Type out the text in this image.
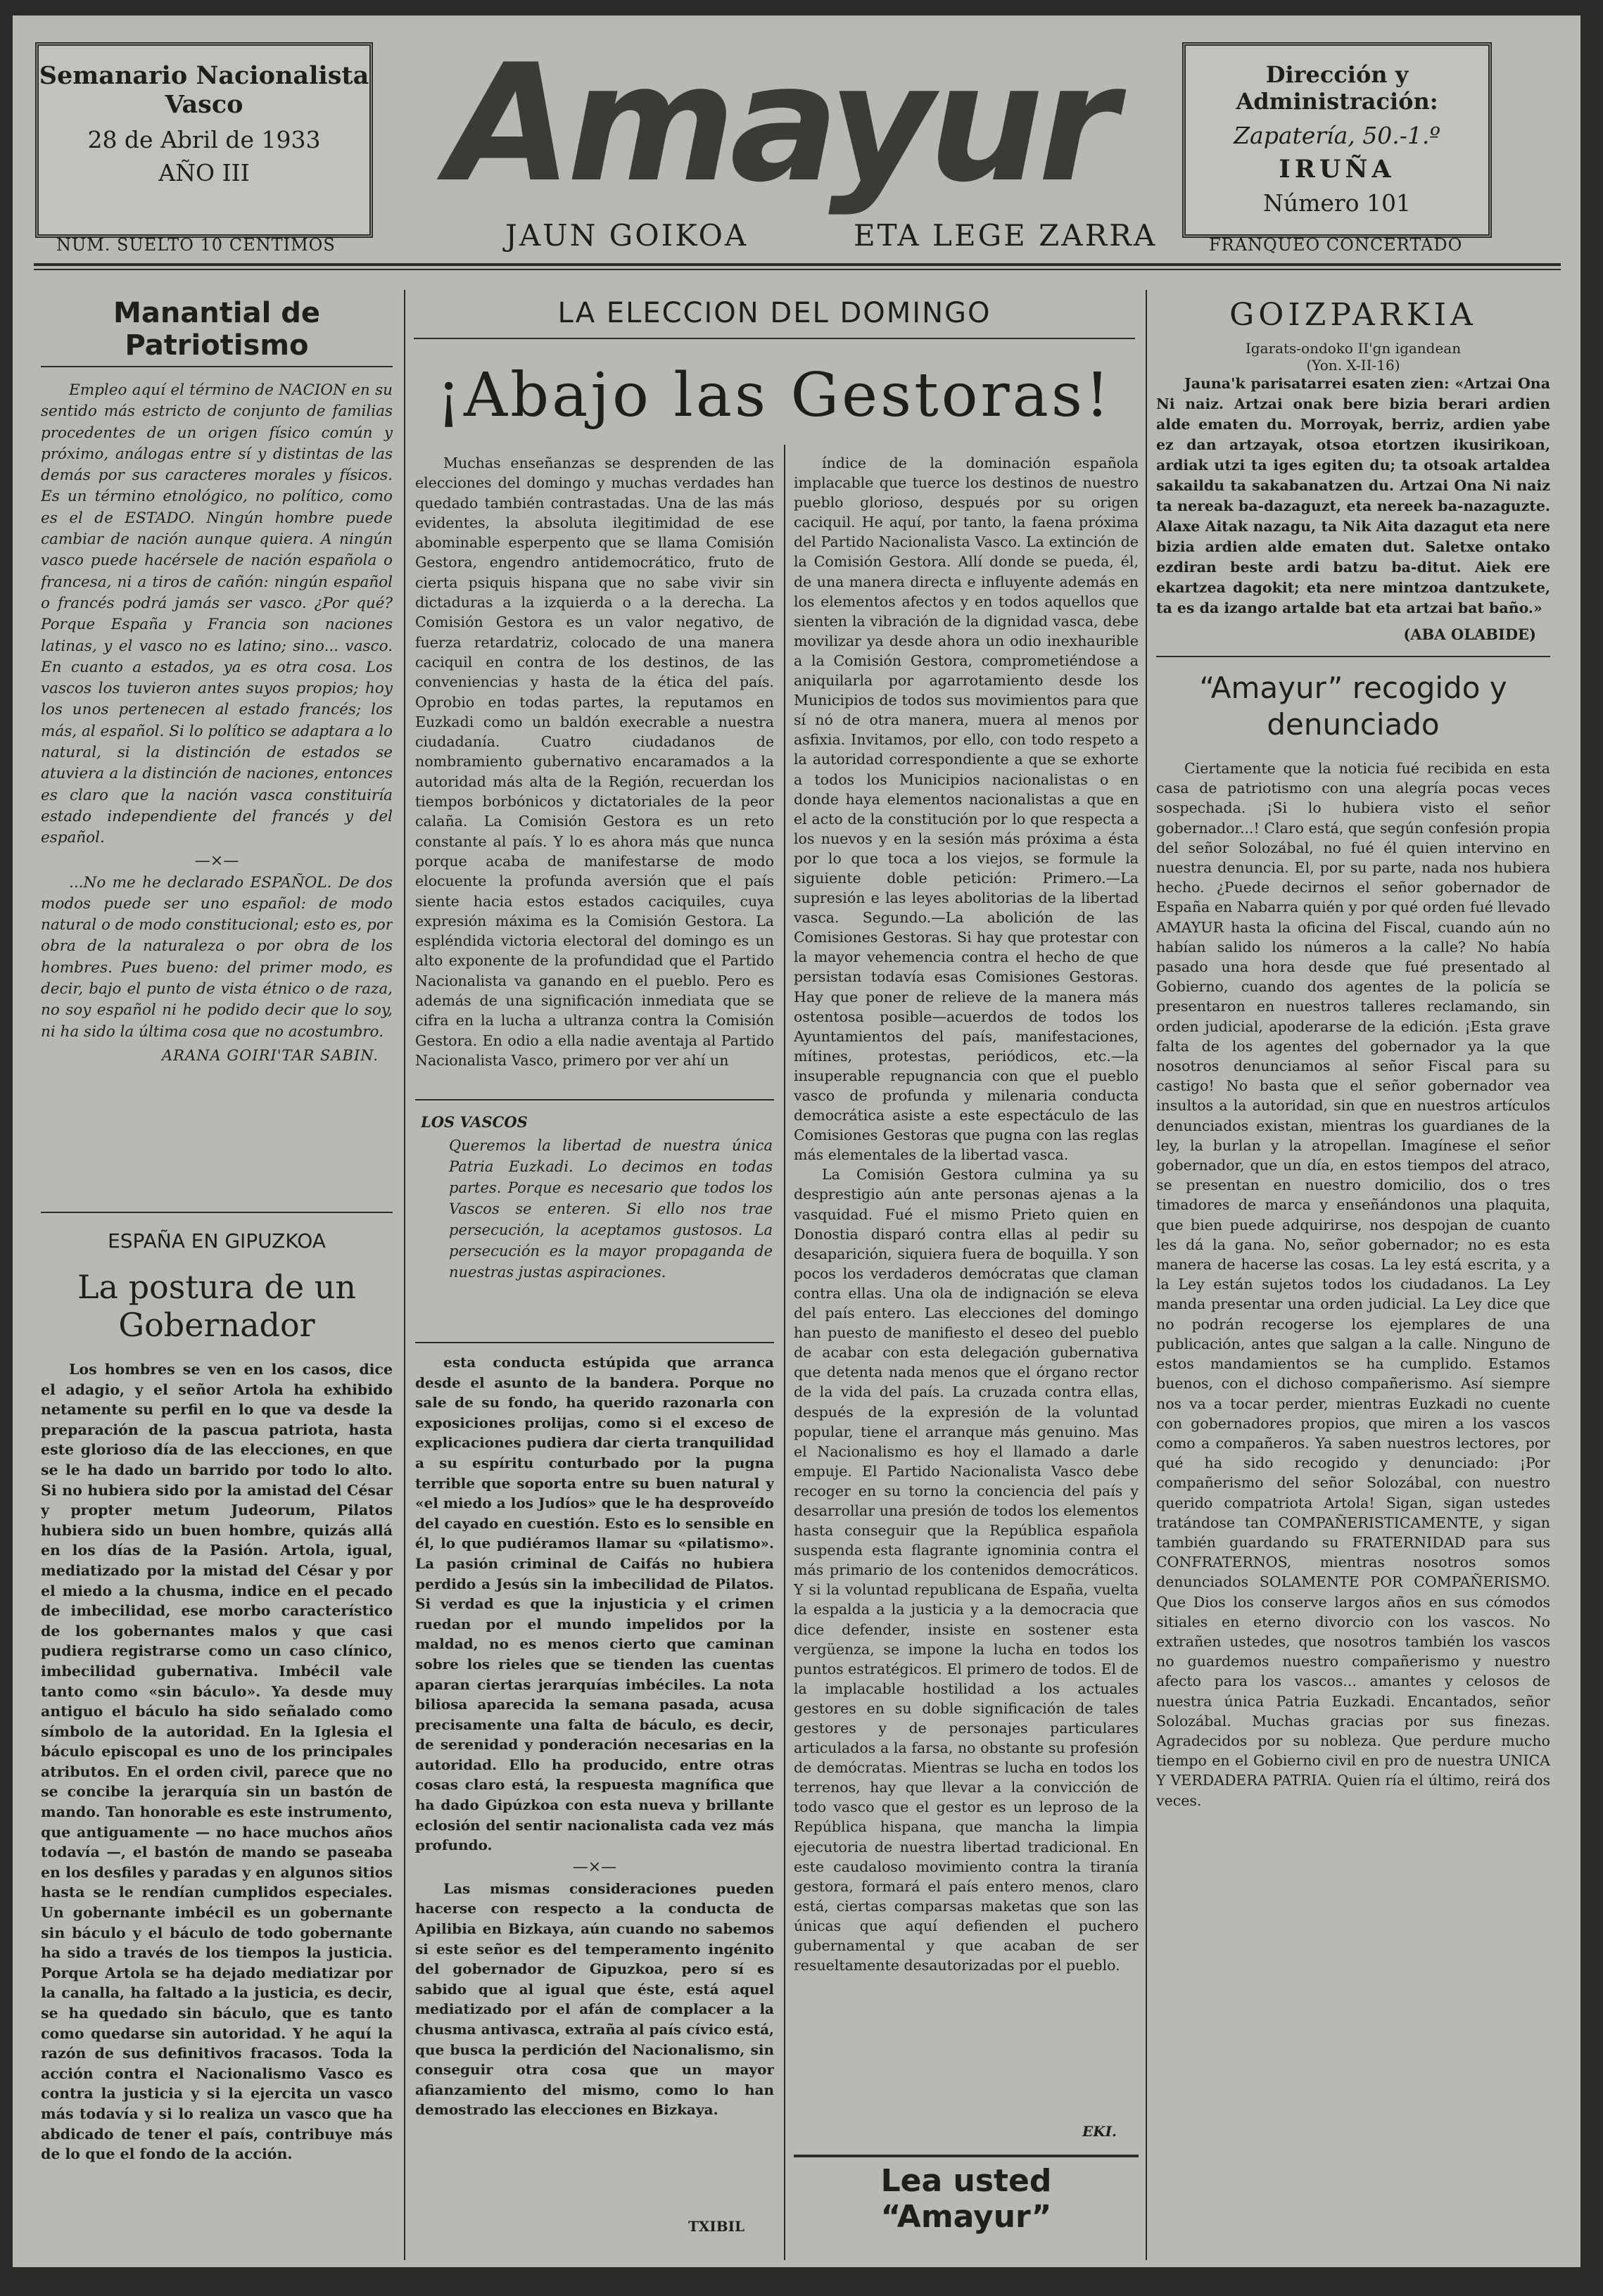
Semanario Nacionalista
Vasco
28 de Abril de 1933
AÑO III
NUM. SUELTO 10 CENTIMOS
Amayur
JAUN GOIKOA	ETA LEGE ZARRA
Dirección y Administración:
Zapatería, 50.-1.º
IRUÑA
Número 101
FRANQUEO CONCERTADO
Manantial de Patriotismo

Empleo aquí el término de NACION en su sentido más estricto de conjunto de familias procedentes de un origen físico común y próximo, análogas entre sí y distintas de las demás por sus caracteres morales y físicos. Es un término etnológico, no político, como es el de ESTADO. Ningún hombre puede cambiar de nación aunque quiera. A ningún vasco puede hacérsele de nación española o francesa, ni a tiros de cañón: ningún español o francés podrá jamás ser vasco. ¿Por qué? Porque España y Francia son naciones latinas, y el vasco no es latino; sino... vasco. En cuanto a estados, ya es otra cosa. Los vascos los tuvieron antes suyos propios; hoy los unos pertenecen al estado francés; los más, al español. Si lo político se adaptara a lo natural, si la distinción de estados se atuviera a la distinción de naciones, entonces es claro que la nación vasca constituiría estado independiente del francés y del español.

—×—

...No me he declarado ESPAÑOL. De dos modos puede ser uno español: de modo natural o de modo constitucional; esto es, por obra de la naturaleza o por obra de los hombres. Pues bueno: del primer modo, es decir, bajo el punto de vista étnico o de raza, no soy español ni he podido decir que lo soy, ni ha sido la última cosa que no acostumbro.

ARANA GOIRI'TAR SABIN.
ESPAÑA EN GIPUZKOA
La postura de un Gobernador

Los hombres se ven en los casos, dice el adagio, y el señor Artola ha exhibido netamente su perfil en lo que va desde la preparación de la pascua patriota, hasta este glorioso día de las elecciones, en que se le ha dado un barrido por todo lo alto. Si no hubiera sido por la amistad del César y propter metum Judeorum, Pilatos hubiera sido un buen hombre, quizás allá en los días de la Pasión. Artola, igual, mediatizado por la mistad del César y por el miedo a la chusma, indice en el pecado de imbecilidad, ese morbo característico de los gobernantes malos y que casi pudiera registrarse como un caso clínico, imbecilidad gubernativa. Imbécil vale tanto como «sin báculo». Ya desde muy antiguo el báculo ha sido señalado como símbolo de la autoridad. En la Iglesia el báculo episcopal es uno de los principales atributos. En el orden civil, parece que no se concibe la jerarquía sin un bastón de mando. Tan honorable es este instrumento, que antiguamente — no hace muchos años todavía —, el bastón de mando se paseaba en los desfiles y paradas y en algunos sitios hasta se le rendían cumplidos especiales. Un gobernante imbécil es un gobernante sin báculo y el báculo de todo gobernante ha sido a través de los tiempos la justicia. Porque Artola se ha dejado mediatizar por la canalla, ha faltado a la justicia, es decir, se ha quedado sin báculo, que es tanto como quedarse sin autoridad. Y he aquí la razón de sus definitivos fracasos. Toda la acción contra el Nacionalismo Vasco es contra la justicia y si la ejercita un vasco más todavía y si lo realiza un vasco que ha abdicado de tener el país, contribuye más de lo que el fondo de la acción.

LA ELECCION DEL DOMINGO
¡Abajo las Gestoras!

Muchas enseñanzas se desprenden de las elecciones del domingo y muchas verdades han quedado también contrastadas. Una de las más evidentes, la absoluta ilegitimidad de ese abominable esperpento que se llama Comisión Gestora, engendro antidemocrático, fruto de cierta psiquis hispana que no sabe vivir sin dictaduras a la izquierda o a la derecha. La Comisión Gestora es un valor negativo, de fuerza retardatriz, colocado de una manera caciquil en contra de los destinos, de las conveniencias y hasta de la ética del país. Oprobio en todas partes, la reputamos en Euzkadi como un baldón execrable a nuestra ciudadanía. Cuatro ciudadanos de nombramiento gubernativo encaramados a la autoridad más alta de la Región, recuerdan los tiempos borbónicos y dictatoriales de la peor calaña. La Comisión Gestora es un reto constante al país. Y lo es ahora más que nunca porque acaba de manifestarse de modo elocuente la profunda aversión que el país siente hacia estos estados caciquiles, cuya expresión máxima es la Comisión Gestora. La espléndida victoria electoral del domingo es un alto exponente de la profundidad que el Partido Nacionalista va ganando en el pueblo. Pero es además de una significación inmediata que se cifra en la lucha a ultranza contra la Comisión Gestora. En odio a ella nadie aventaja al Partido Nacionalista Vasco, primero por ver ahí un

LOS VASCOS

Queremos la libertad de nuestra única Patria Euzkadi. Lo decimos en todas partes. Porque es necesario que todos los Vascos se enteren. Si ello nos trae persecución, la aceptamos gustosos. La persecución es la mayor propaganda de nuestras justas aspiraciones.

esta conducta estúpida que arranca desde el asunto de la bandera. Porque no sale de su fondo, ha querido razonarla con exposiciones prolijas, como si el exceso de explicaciones pudiera dar cierta tranquilidad a su espíritu conturbado por la pugna terrible que soporta entre su buen natural y «el miedo a los Judíos» que le ha desproveído del cayado en cuestión. Esto es lo sensible en él, lo que pudiéramos llamar su «pilatismo». La pasión criminal de Caifás no hubiera perdido a Jesús sin la imbecilidad de Pilatos. Si verdad es que la injusticia y el crimen ruedan por el mundo impelidos por la maldad, no es menos cierto que caminan sobre los rieles que se tienden las cuentas aparan ciertas jerarquías imbéciles. La nota biliosa aparecida la semana pasada, acusa precisamente una falta de báculo, es decir, de serenidad y ponderación necesarias en la autoridad. Ello ha producido, entre otras cosas claro está, la respuesta magnífica que ha dado Gipúzkoa con esta nueva y brillante eclosión del sentir nacionalista cada vez más profundo.

—×—

Las mismas consideraciones pueden hacerse con respecto a la conducta de Apilibia en Bizkaya, aún cuando no sabemos si este señor es del temperamento ingénito del gobernador de Gipuzkoa, pero sí es sabido que al igual que éste, está aquel mediatizado por el afán de complacer a la chusma antivasca, extraña al país cívico está, que busca la perdición del Nacionalismo, sin conseguir otra cosa que un mayor afianzamiento del mismo, como lo han demostrado las elecciones en Bizkaya.

TXIBIL

índice de la dominación española implacable que tuerce los destinos de nuestro pueblo glorioso, después por su origen caciquil. He aquí, por tanto, la faena próxima del Partido Nacionalista Vasco. La extinción de la Comisión Gestora. Allí donde se pueda, él, de una manera directa e influyente además en los elementos afectos y en todos aquellos que sienten la vibración de la dignidad vasca, debe movilizar ya desde ahora un odio inexhaurible a la Comisión Gestora, comprometiéndose a aniquilarla por agarrotamiento desde los Municipios de todos sus movimientos para que sí nó de otra manera, muera al menos por asfixia. Invitamos, por ello, con todo respeto a la autoridad correspondiente a que se exhorte a todos los Municipios nacionalistas o en donde haya elementos nacionalistas a que en el acto de la constitución por lo que respecta a los nuevos y en la sesión más próxima a ésta por lo que toca a los viejos, se formule la siguiente doble petición: Primero.—La supresión e las leyes abolitorias de la libertad vasca. Segundo.—La abolición de las Comisiones Gestoras. Si hay que protestar con la mayor vehemencia contra el hecho de que persistan todavía esas Comisiones Gestoras. Hay que poner de relieve de la manera más ostentosa posible—acuerdos de todos los Ayuntamientos del país, manifestaciones, mítines, protestas, periódicos, etc.—la insuperable repugnancia con que el pueblo vasco de profunda y milenaria conducta democrática asiste a este espectáculo de las Comisiones Gestoras que pugna con las reglas más elementales de la libertad vasca.

La Comisión Gestora culmina ya su desprestigio aún ante personas ajenas a la vasquidad. Fué el mismo Prieto quien en Donostia disparó contra ellas al pedir su desaparición, siquiera fuera de boquilla. Y son pocos los verdaderos demócratas que claman contra ellas. Una ola de indignación se eleva del país entero. Las elecciones del domingo han puesto de manifiesto el deseo del pueblo de acabar con esta delegación gubernativa que detenta nada menos que el órgano rector de la vida del país. La cruzada contra ellas, después de la expresión de la voluntad popular, tiene el arranque más genuino. Mas el Nacionalismo es hoy el llamado a darle empuje. El Partido Nacionalista Vasco debe recoger en su torno la conciencia del país y desarrollar una presión de todos los elementos hasta conseguir que la República española suspenda esta flagrante ignominia contra el más primario de los contenidos democráticos. Y si la voluntad republicana de España, vuelta la espalda a la justicia y a la democracia que dice defender, insiste en sostener esta vergüenza, se impone la lucha en todos los puntos estratégicos. El primero de todos. El de la implacable hostilidad a los actuales gestores en su doble significación de tales gestores y de personajes particulares articulados a la farsa, no obstante su profesión de demócratas. Mientras se lucha en todos los terrenos, hay que llevar a la convicción de todo vasco que el gestor es un leproso de la República hispana, que mancha la limpia ejecutoria de nuestra libertad tradicional. En este caudaloso movimiento contra la tiranía gestora, formará el país entero menos, claro está, ciertas comparsas maketas que son las únicas que aquí defienden el puchero gubernamental y que acaban de ser resueltamente desautorizadas por el pueblo.

EKI.
Lea usted “Amayur”
GOIZPARKIA
Igarats-ondoko II'gn igandean
(Yon. X-II-16)

Jauna'k parisatarrei esaten zien: «Artzai Ona Ni naiz. Artzai onak bere bizia berari ardien alde ematen du. Morroyak, berriz, ardien yabe ez dan artzayak, otsoa etortzen ikusirikoan, ardiak utzi ta iges egiten du; ta otsoak artaldea sakaildu ta sakabanatzen du. Artzai Ona Ni naiz ta nereak ba-dazaguzt, eta nereek ba-nazaguzte. Alaxe Aitak nazagu, ta Nik Aita dazagut eta nere bizia ardien alde ematen dut. Saletxe ontako ezdiran beste ardi batzu ba-ditut. Aiek ere ekartzea dagokit; eta nere mintzoa dantzukete, ta es da izango artalde bat eta artzai bat baño.»

(ABA OLABIDE)
“Amayur” recogido y denunciado

Ciertamente que la noticia fué recibida en esta casa de patriotismo con una alegría pocas veces sospechada. ¡Si lo hubiera visto el señor gobernador...! Claro está, que según confesión propia del señor Solozábal, no fué él quien intervino en nuestra denuncia. El, por su parte, nada nos hubiera hecho. ¿Puede decirnos el señor gobernador de España en Nabarra quién y por qué orden fué llevado AMAYUR hasta la oficina del Fiscal, cuando aún no habían salido los números a la calle? No había pasado una hora desde que fué presentado al Gobierno, cuando dos agentes de la policía se presentaron en nuestros talleres reclamando, sin orden judicial, apoderarse de la edición. ¡Esta grave falta de los agentes del gobernador ya la que nosotros denunciamos al señor Fiscal para su castigo! No basta que el señor gobernador vea insultos a la autoridad, sin que en nuestros artículos denunciados existan, mientras los guardianes de la ley, la burlan y la atropellan. Imagínese el señor gobernador, que un día, en estos tiempos del atraco, se presentan en nuestro domicilio, dos o tres timadores de marca y enseñándonos una plaquita, que bien puede adquirirse, nos despojan de cuanto les dá la gana. No, señor gobernador; no es esta manera de hacerse las cosas. La ley está escrita, y a la Ley están sujetos todos los ciudadanos. La Ley manda presentar una orden judicial. La Ley dice que no podrán recogerse los ejemplares de una publicación, antes que salgan a la calle. Ninguno de estos mandamientos se ha cumplido. Estamos buenos, con el dichoso compañerismo. Así siempre nos va a tocar perder, mientras Euzkadi no cuente con gobernadores propios, que miren a los vascos como a compañeros. Ya saben nuestros lectores, por qué ha sido recogido y denunciado: ¡Por compañerismo del señor Solozábal, con nuestro querido compatriota Artola! Sigan, sigan ustedes tratándose tan COMPAÑERISTICAMENTE, y sigan también guardando su FRATERNIDAD para sus CONFRATERNOS, mientras nosotros somos denunciados SOLAMENTE POR COMPAÑERISMO. Que Dios los conserve largos años en sus cómodos sitiales en eterno divorcio con los vascos. No extrañen ustedes, que nosotros también los vascos no guardemos nuestro compañerismo y nuestro afecto para los vascos... amantes y celosos de nuestra única Patria Euzkadi. Encantados, señor Solozábal. Muchas gracias por sus finezas. Agradecidos por su nobleza. Que perdure mucho tiempo en el Gobierno civil en pro de nuestra UNICA Y VERDADERA PATRIA. Quien ría el último, reirá dos veces.
